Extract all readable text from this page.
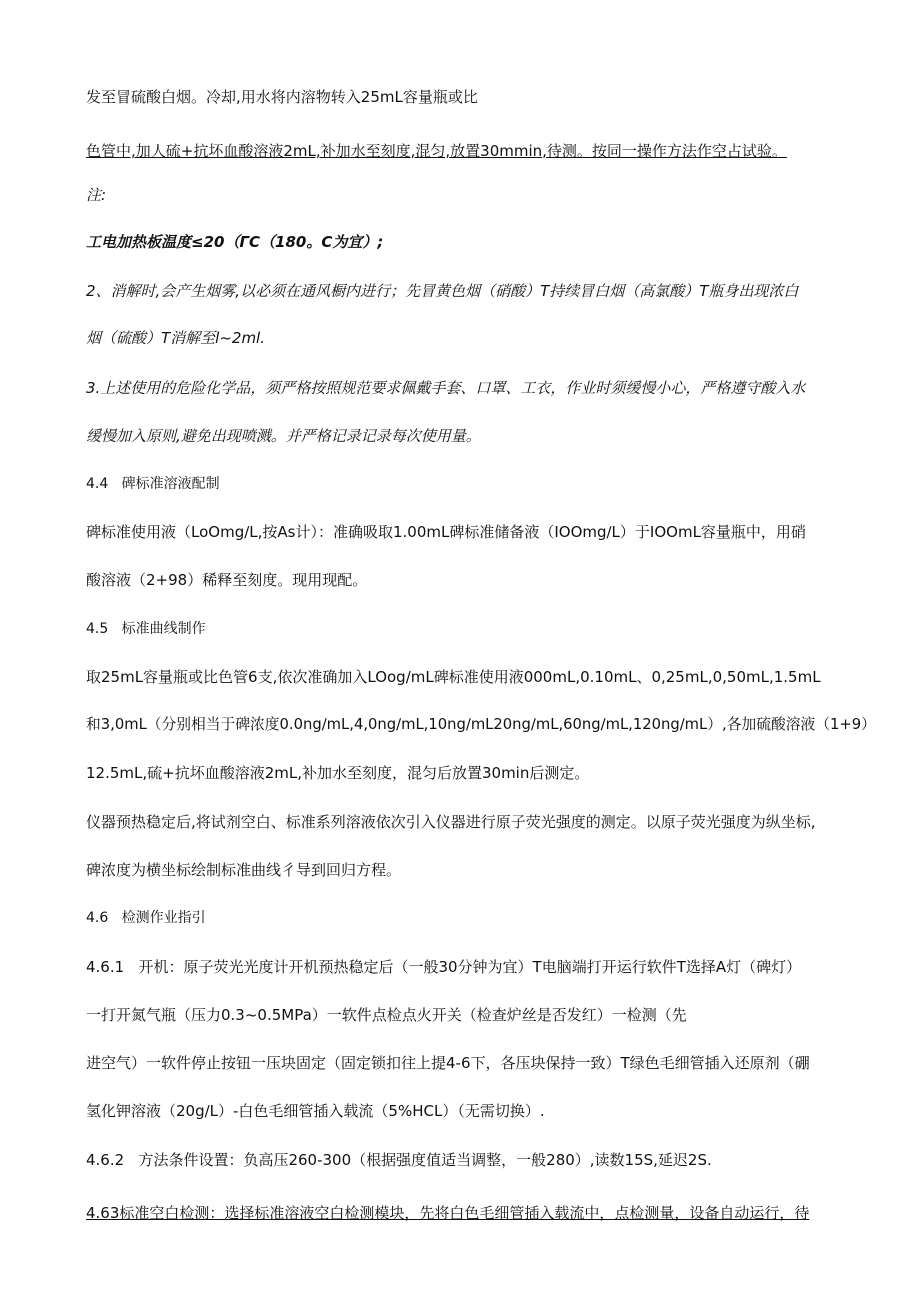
发至冒硫酸白烟。冷却,用水将内溶物转入25mL容量瓶或比
色管中,加人硫+抗坏血酸溶液2mL,补加水至刻度,混匀,放置30mmin,待测。按同一操作方法作空占试验。
注:
工电加热板温度≤20（ГC（180。C为宜）;
2、消解时,会产生烟雾,以必须在通风橱内进行；先冒黄色烟（硝酸）T持续冒白烟（高氯酸）T瓶身出现浓白
烟（硫酸）T消解至l~2ml.
3.上述使用的危险化学品，须严格按照规范要求佩戴手套、口罩、工衣，作业时须缓慢小心，严格遵守酸入水
缓慢加入原则,避免出现喷溅。并严格记录记录每次使用量。
4.4   碑标准溶液配制
碑标准使用液（LoOmg∕L,按As计）：准确吸取1.00mL碑标准储备液（IOOmg∕L）于IOOmL容量瓶中，用硝
酸溶液（2+98）稀释至刻度。现用现配。
4.5   标准曲线制作
取25mL容量瓶或比色管6支,依次准确加入LOog/mL碑标准使用液000mL,0.10mL、0,25mL,0,50mL,1.5mL
和3,0mL（分别相当于碑浓度0.0ng∕mL,4,0ng∕mL,10ng∕mL20ng∕mL,60ng∕mL,120ng∕mL）,各加硫酸溶液（1+9）
12.5mL,硫+抗坏血酸溶液2mL,补加水至刻度，混匀后放置30min后测定。
仪器预热稳定后,将试剂空白、标准系列溶液依次引入仪器进行原子荧光强度的测定。以原子荧光强度为纵坐标,
碑浓度为横坐标绘制标准曲线彳导到回归方程。
4.6   检测作业指引
4.6.1   开机：原子荧光光度计开机预热稳定后（一般30分钟为宜）T电脑端打开运行软件T选择A灯（碑灯）
一打开氮气瓶（压力0.3~0.5MPa）一软件点检点火开关（检查炉丝是否发红）一检测（先
进空气）一软件停止按钮一压块固定（固定锁扣往上提4-6下，各压块保持一致）T绿色毛细管插入还原剂（硼
氢化钾溶液（20g∕L）-白色毛细管插入载流（5%HCL）（无需切换）.
4.6.2   方法条件设置：负高压260-300（根据强度值适当调整，一般280）,读数15S,延迟2S.
4.63标准空白检测：选择标准溶液空白检测模块，先将白色毛细管插入载流中，点检测量，设备自动运行，待
